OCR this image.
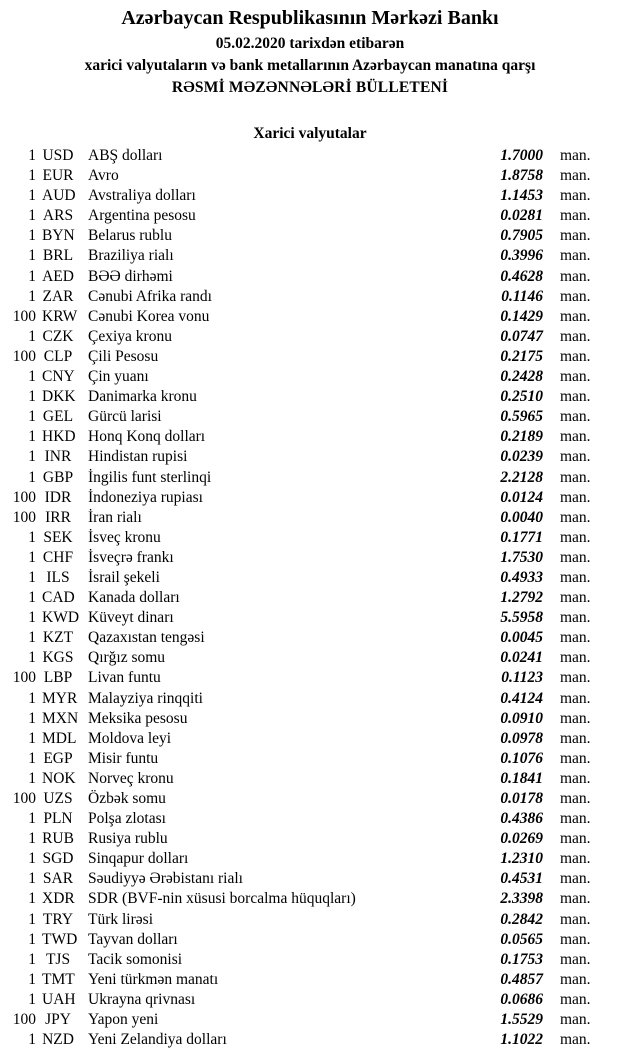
Azərbaycan Respublikasının Mərkəzi Bankı
05.02.2020 tarixdən etibarən
xarici valyutaların və bank metallarının Azərbaycan manatına qarşı
RƏSMİ MƏZƏNNƏLƏRİ BÜLLETENİ
Xarici valyutalar
1 USD ABŞ dolları	1.7000	man.
1 EUR Avro	1.8758	man.
1 AUD Avstraliya dolları	1.1453	man.
1 ARS Argentina pesosu	0.0281	man.
1 BYN Belarus rublu	0.7905	man.
1 BRL Braziliya rialı	0.3996	man.
1 AED BƏƏ dirhəmi	0.4628	man.
1 ZAR Cənubi Afrika randı	0.1146	man.
100 KRW Cənubi Korea vonu	0.1429	man.
1 CZK Çexiya kronu	0.0747	man.
100 CLP Çili Pesosu	0.2175	man.
1 CNY Çin yuanı	0.2428	man.
1 DKK Danimarka kronu	0.2510	man.
1 GEL Gürcü larisi	0.5965	man.
1 HKD Honq Konq dolları	0.2189	man.
1 INR Hindistan rupisi	0.0239	man.
1 GBP İngilis funt sterlinqi	2.2128	man.
100 IDR İndoneziya rupiası	0.0124	man.
100 IRR İran rialı	0.0040	man.
1 SEK İsveç kronu	0.1771	man.
1 CHF İsveçrə frankı	1.7530	man.
1 ILS İsrail şekeli	0.4933	man.
1 CAD Kanada dolları	1.2792	man.
1 KWD Küveyt dinarı	5.5958	man.
1 KZT Qazaxıstan tengəsi	0.0045	man.
1 KGS Qırğız somu	0.0241	man.
100 LBP Livan funtu	0.1123	man.
1 MYR Malayziya rinqqiti	0.4124	man.
1 MXN Meksika pesosu	0.0910	man.
1 MDL Moldova leyi	0.0978	man.
1 EGP Misir funtu	0.1076	man.
1 NOK Norveç kronu	0.1841	man.
100 UZS Özbək somu	0.0178	man.
1 PLN Polşa zlotası	0.4386	man.
1 RUB Rusiya rublu	0.0269	man.
1 SGD Sinqapur dolları	1.2310	man.
1 SAR Səudiyyə Ərəbistanı rialı	0.4531	man.
1 XDR SDR (BVF-nin xüsusi borcalma hüquqları)	2.3398	man.
1 TRY Türk lirəsi	0.2842	man.
1 TWD Tayvan dolları	0.0565	man.
1 TJS Tacik somonisi	0.1753	man.
1 TMT Yeni türkmən manatı	0.4857	man.
1 UAH Ukrayna qrivnası	0.0686	man.
100 JPY Yapon yeni	1.5529	man.
1 NZD Yeni Zelandiya dolları	1.1022	man.
